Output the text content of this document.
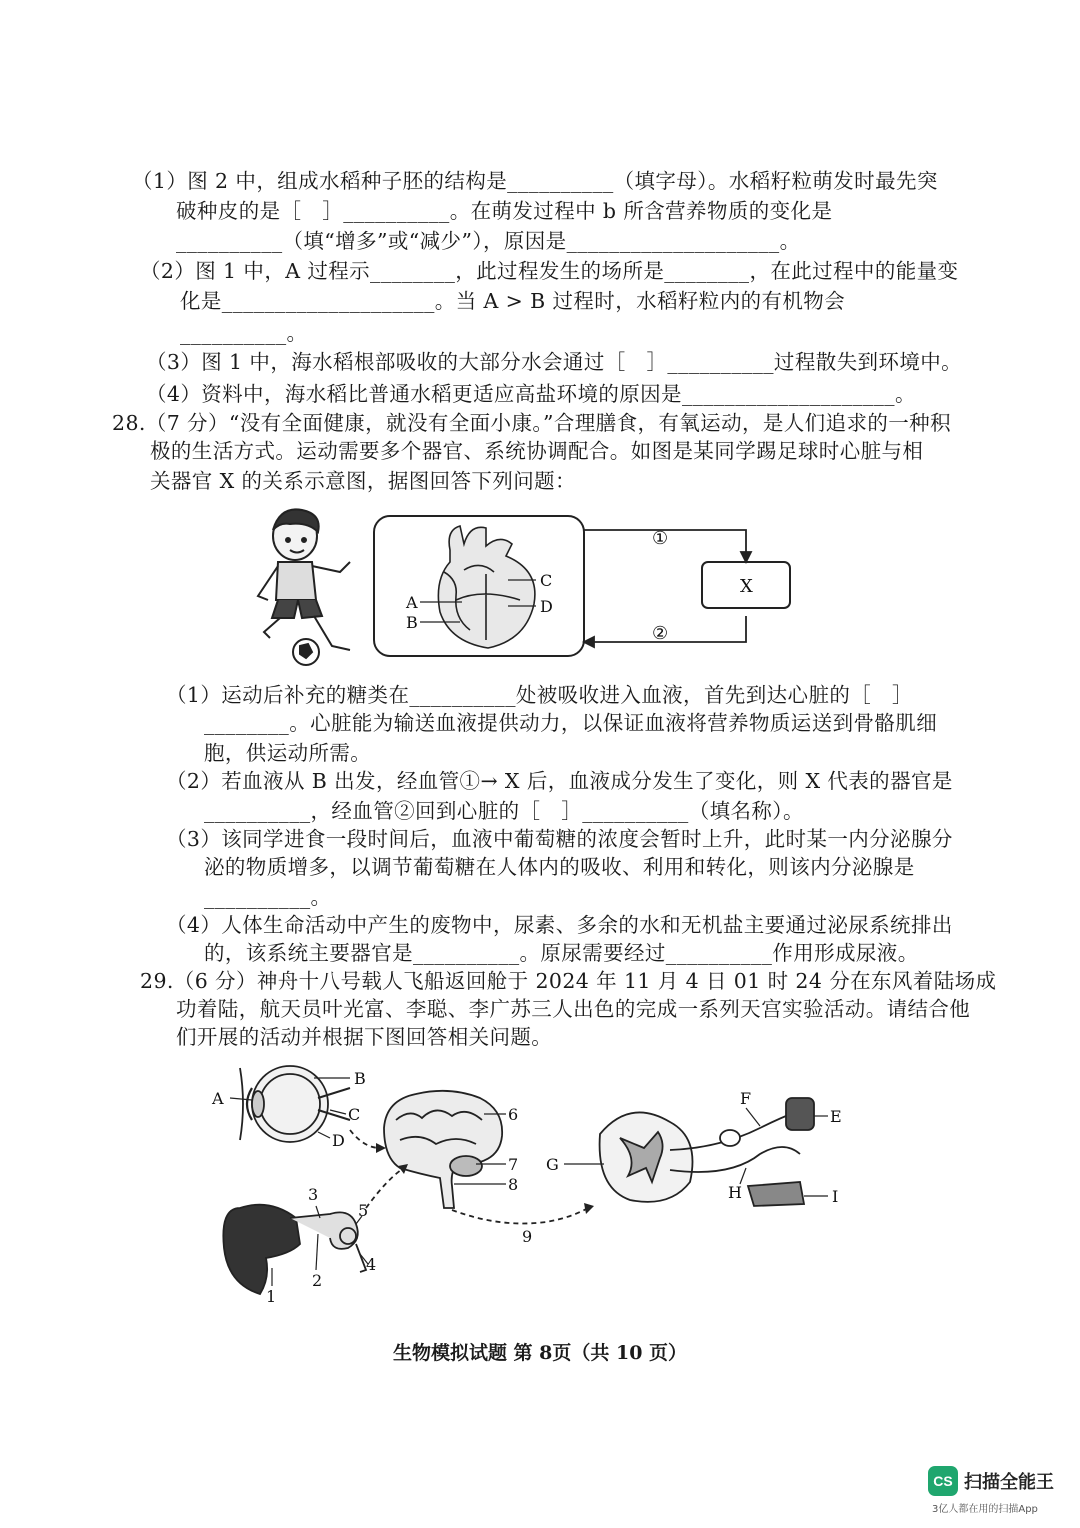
（1）图 2 中，组成水稻种子胚的结构是__________（填字母）。水稻籽粒萌发时最先突
破种皮的是［　］__________。在萌发过程中 b 所含营养物质的变化是
__________（填“增多”或“减少”），原因是____________________。
（2）图 1 中，A 过程示________，此过程发生的场所是________，在此过程中的能量变
化是____________________。当 A > B 过程时，水稻籽粒内的有机物会
__________。
（3）图 1 中，海水稻根部吸收的大部分水会通过［　］__________过程散失到环境中。
（4）资料中，海水稻比普通水稻更适应高盐环境的原因是____________________。
28.（7 分）“没有全面健康，就没有全面小康。”合理膳食，有氧运动，是人们追求的一种积
极的生活方式。运动需要多个器官、系统协调配合。如图是某同学踢足球时心脏与相
关器官 X 的关系示意图，据图回答下列问题：
A
B
C
D
①
②
X
（1）运动后补充的糖类在__________处被吸收进入血液，首先到达心脏的［　］
________。心脏能为输送血液提供动力，以保证血液将营养物质运送到骨骼肌细
胞，供运动所需。
（2）若血液从 B 出发，经血管①→ X 后，血液成分发生了变化，则 X 代表的器官是
__________，经血管②回到心脏的［　］__________（填名称）。
（3）该同学进食一段时间后，血液中葡萄糖的浓度会暂时上升，此时某一内分泌腺分
泌的物质增多，以调节葡萄糖在人体内的吸收、利用和转化，则该内分泌腺是
__________。
（4）人体生命活动中产生的废物中，尿素、多余的水和无机盐主要通过泌尿系统排出
的，该系统主要器官是__________。原尿需要经过__________作用形成尿液。
29.（6 分）神舟十八号载人飞船返回舱于 2024 年 11 月 4 日 01 时 24 分在东风着陆场成
功着陆，航天员叶光富、李聪、李广苏三人出色的完成一系列天宫实验活动。请结合他
们开展的活动并根据下图回答相关问题。
A
B
C
D
6
7
8
1
2
3
4
5
9
E
F
G
H	I
生物模拟试题 第 8页（共 10 页）
CS 扫描全能王
3亿人都在用的扫描App
